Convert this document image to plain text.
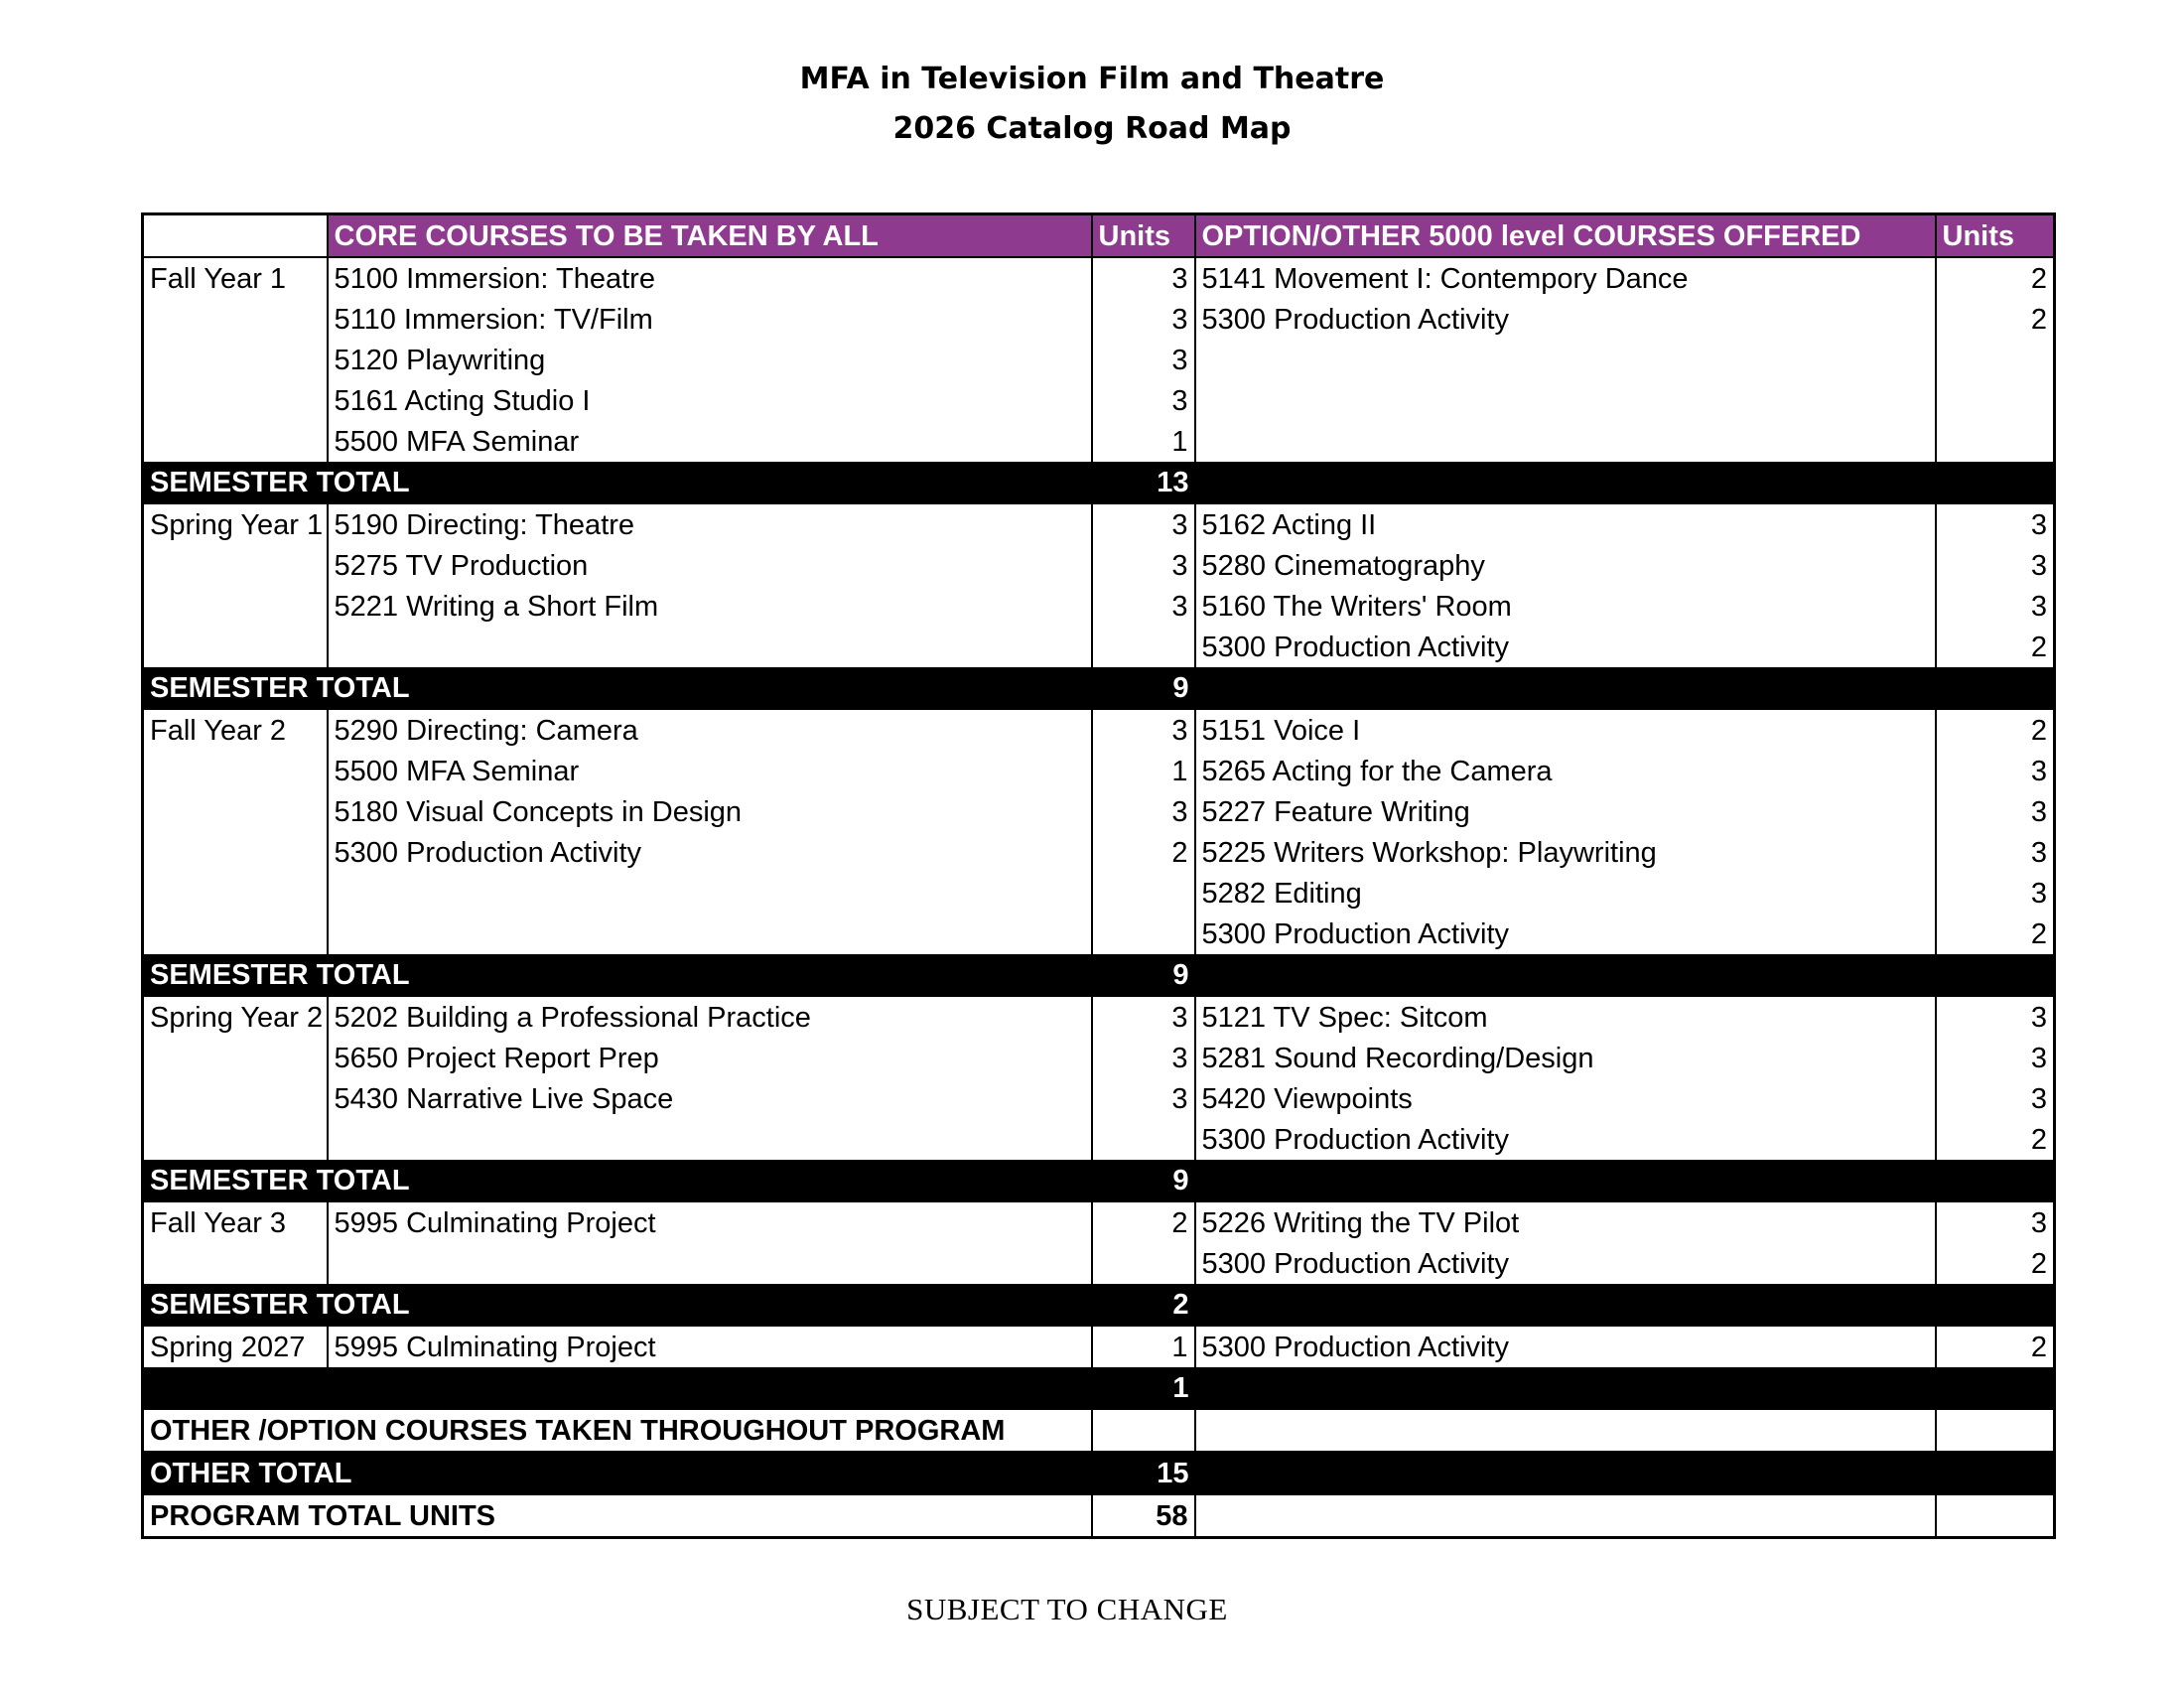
MFA in Television Film and Theatre
2026 Catalog Road Map
	CORE COURSES TO BE TAKEN BY ALL	Units	OPTION/OTHER 5000 level COURSES OFFERED	Units
Fall Year 1	5100 Immersion: Theatre	3	5141 Movement I: Contempory Dance	2
	5110 Immersion: TV/Film	3	5300 Production Activity	2
	5120 Playwriting	3		
	5161 Acting Studio I	3		
	5500 MFA Seminar	1		
SEMESTER TOTAL		13		
Spring Year 1	5190 Directing: Theatre	3	5162 Acting II	3
	5275 TV Production	3	5280 Cinematography	3
	5221 Writing a Short Film	3	5160 The Writers' Room	3
			5300 Production Activity	2
SEMESTER TOTAL		9		
Fall Year 2	5290 Directing: Camera	3	5151 Voice I	2
	5500 MFA Seminar	1	5265 Acting for the Camera	3
	5180 Visual Concepts in Design	3	5227 Feature Writing	3
	5300 Production Activity	2	5225 Writers Workshop: Playwriting	3
			5282 Editing	3
			5300 Production Activity	2
SEMESTER TOTAL		9		
Spring Year 2	5202 Building a Professional Practice	3	5121 TV Spec: Sitcom	3
	5650 Project Report Prep	3	5281 Sound Recording/Design	3
	5430 Narrative Live Space	3	5420 Viewpoints	3
			5300 Production Activity	2
SEMESTER TOTAL		9		
Fall Year 3	5995 Culminating Project	2	5226 Writing the TV Pilot	3
			5300 Production Activity	2
SEMESTER TOTAL		2		
Spring 2027	5995 Culminating Project	1	5300 Production Activity	2
		1		
OTHER /OPTION COURSES TAKEN THROUGHOUT PROGRAM				
OTHER TOTAL		15		
PROGRAM TOTAL UNITS		58		
SUBJECT TO CHANGE
